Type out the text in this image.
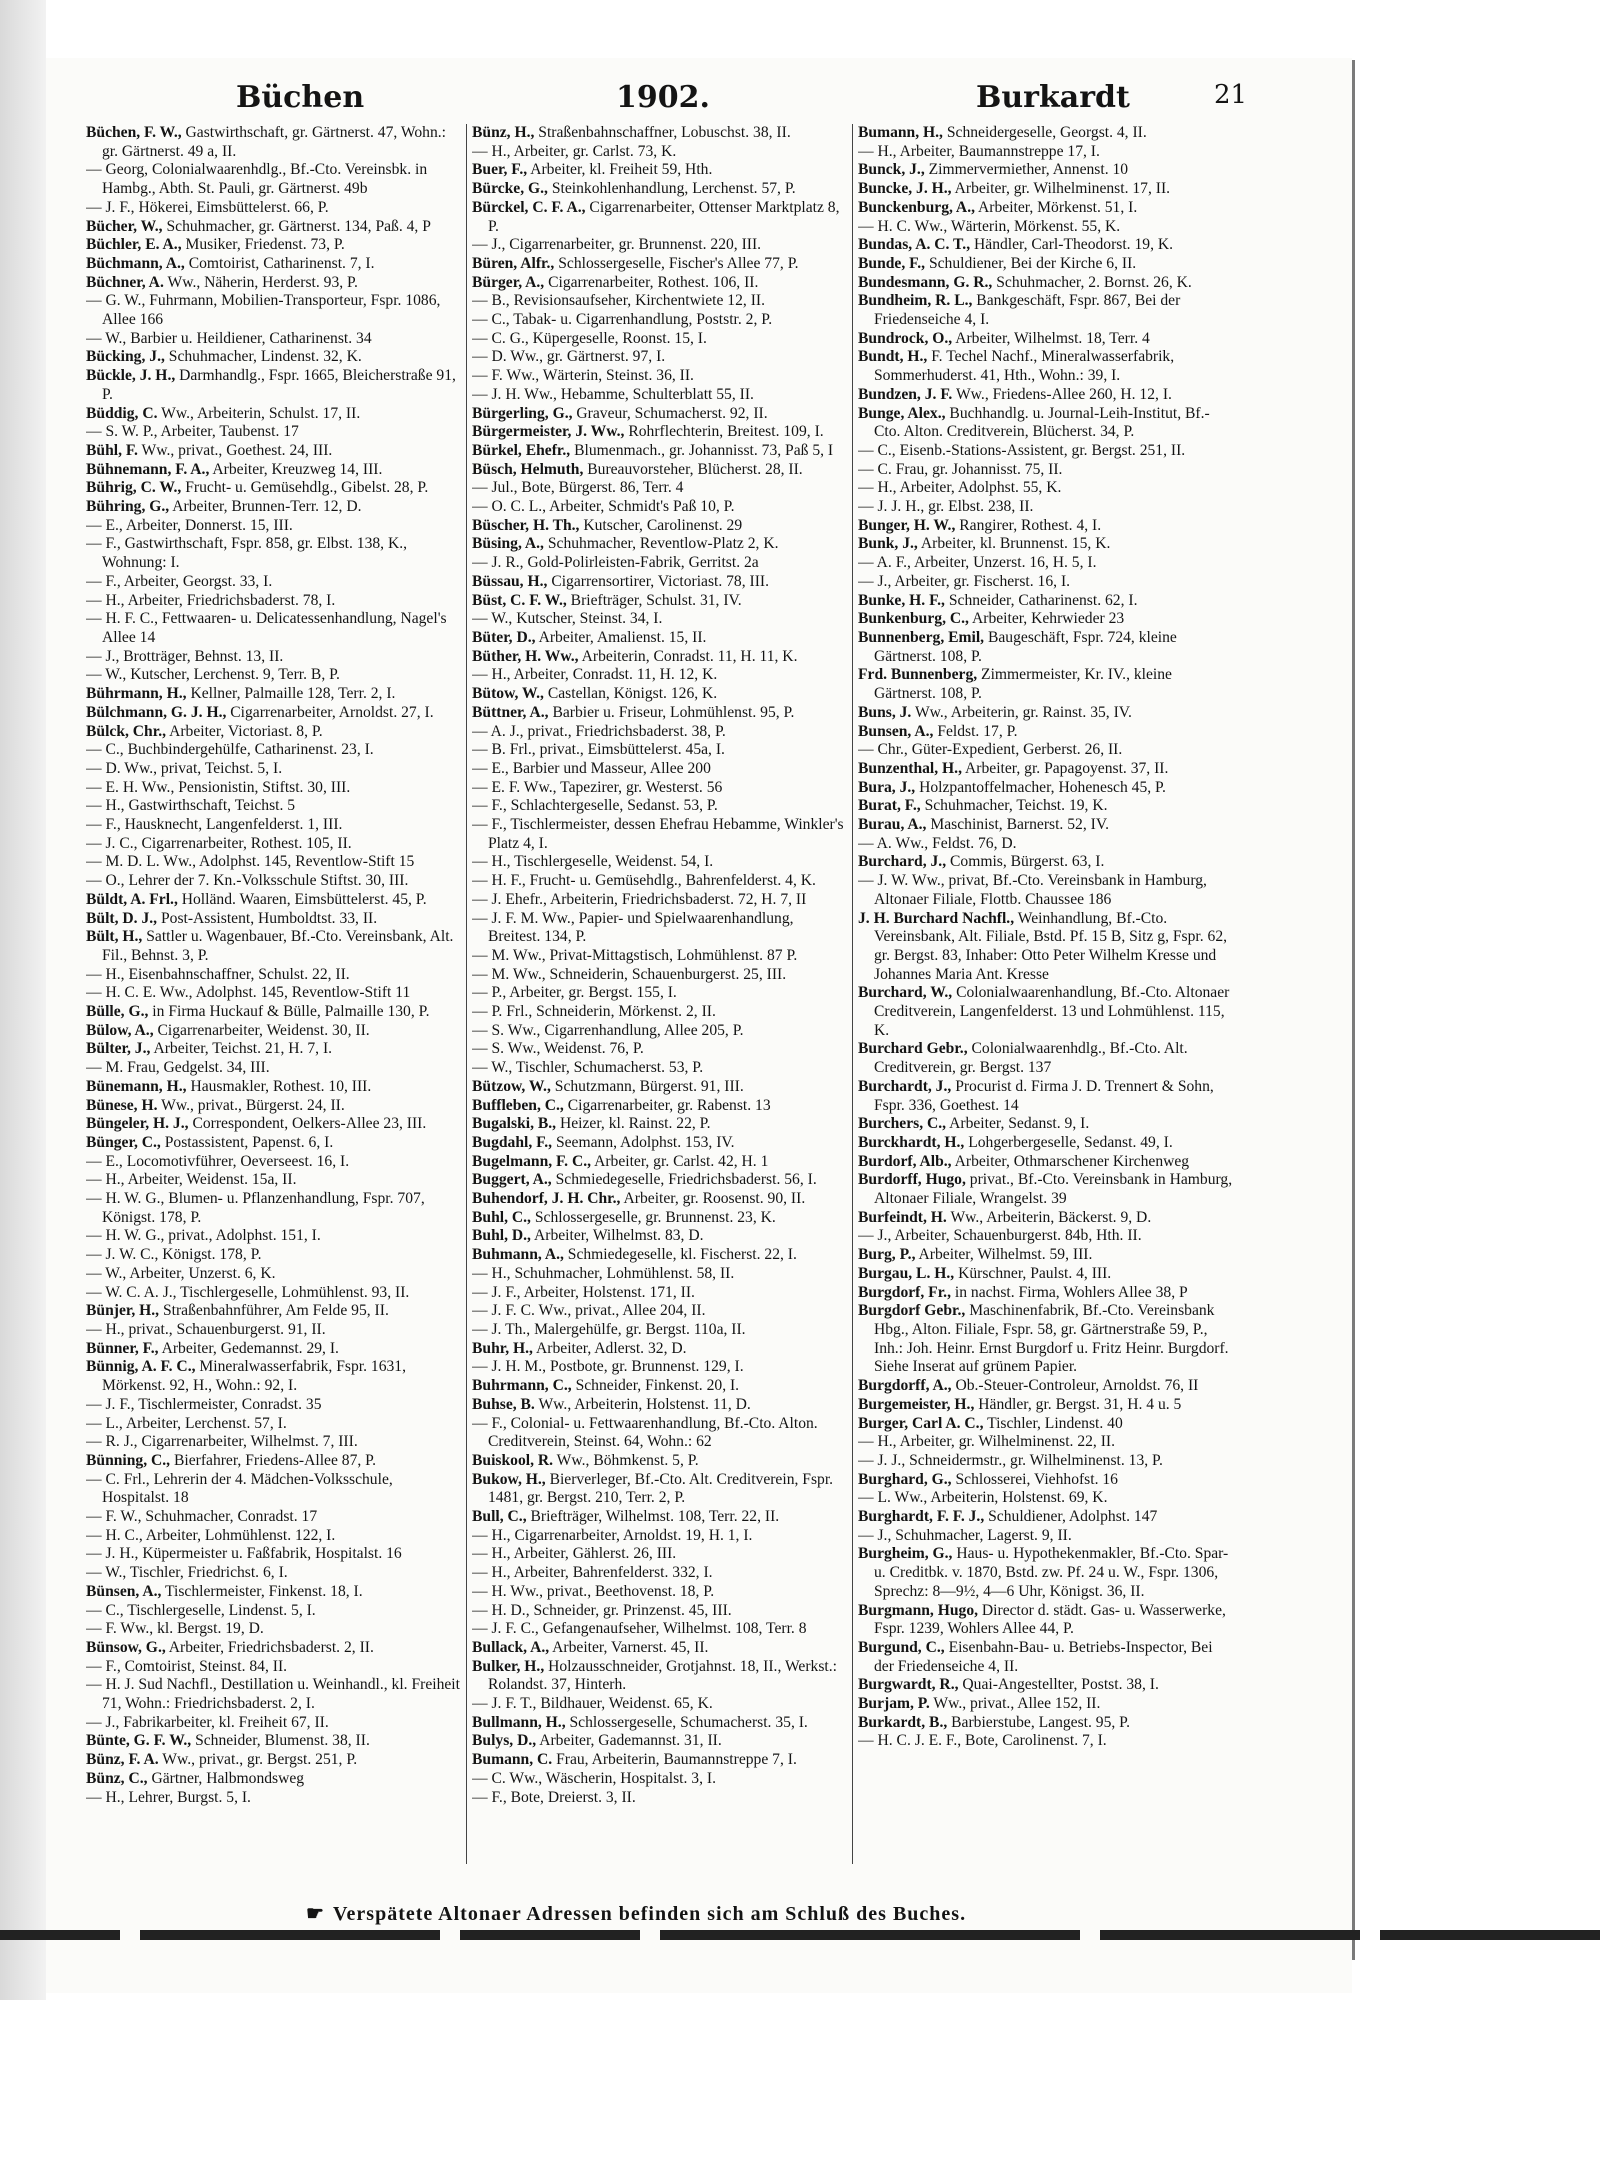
Büchen	1902.	Burkardt	21

Büchen, F. W., Gastwirthschaft, gr. Gärtnerst. 47, Wohn.: gr. Gärtnerst. 49 a, II.

— Georg, Colonialwaarenhdlg., Bf.-Cto. Vereinsbk. in Hambg., Abth. St. Pauli, gr. Gärtnerst. 49b

— J. F., Hökerei, Eimsbüttelerst. 66, P.

Bücher, W., Schuhmacher, gr. Gärtnerst. 134, Paß. 4, P

Büchler, E. A., Musiker, Friedenst. 73, P.

Büchmann, A., Comtoirist, Catharinenst. 7, I.

Büchner, A. Ww., Näherin, Herderst. 93, P.

— G. W., Fuhrmann, Mobilien-Transporteur, Fspr. 1086, Allee 166

— W., Barbier u. Heildiener, Catharinenst. 34

Bücking, J., Schuhmacher, Lindenst. 32, K.

Bückle, J. H., Darmhandlg., Fspr. 1665, Bleicherstraße 91, P.

Büddig, C. Ww., Arbeiterin, Schulst. 17, II.

— S. W. P., Arbeiter, Taubenst. 17

Bühl, F. Ww., privat., Goethest. 24, III.

Bühnemann, F. A., Arbeiter, Kreuzweg 14, III.

Bührig, C. W., Frucht- u. Gemüsehdlg., Gibelst. 28, P.

Bühring, G., Arbeiter, Brunnen-Terr. 12, D.

— E., Arbeiter, Donnerst. 15, III.

— F., Gastwirthschaft, Fspr. 858, gr. Elbst. 138, K., Wohnung: I.

— F., Arbeiter, Georgst. 33, I.

— H., Arbeiter, Friedrichsbaderst. 78, I.

— H. F. C., Fettwaaren- u. Delicatessenhandlung, Nagel's Allee 14

— J., Brotträger, Behnst. 13, II.

— W., Kutscher, Lerchenst. 9, Terr. B, P.

Bührmann, H., Kellner, Palmaille 128, Terr. 2, I.

Bülchmann, G. J. H., Cigarrenarbeiter, Arnoldst. 27, I.

Bülck, Chr., Arbeiter, Victoriast. 8, P.

— C., Buchbindergehülfe, Catharinenst. 23, I.

— D. Ww., privat, Teichst. 5, I.

— E. H. Ww., Pensionistin, Stiftst. 30, III.

— H., Gastwirthschaft, Teichst. 5

— F., Hausknecht, Langenfelderst. 1, III.

— J. C., Cigarrenarbeiter, Rothest. 105, II.

— M. D. L. Ww., Adolphst. 145, Reventlow-Stift 15

— O., Lehrer der 7. Kn.-Volksschule Stiftst. 30, III.

Büldt, A. Frl., Holländ. Waaren, Eimsbüttelerst. 45, P.

Bült, D. J., Post-Assistent, Humboldtst. 33, II.

Bült, H., Sattler u. Wagenbauer, Bf.-Cto. Vereinsbank, Alt. Fil., Behnst. 3, P.

— H., Eisenbahnschaffner, Schulst. 22, II.

— H. C. E. Ww., Adolphst. 145, Reventlow-Stift 11

Bülle, G., in Firma Huckauf & Bülle, Palmaille 130, P.

Bülow, A., Cigarrenarbeiter, Weidenst. 30, II.

Bülter, J., Arbeiter, Teichst. 21, H. 7, I.

— M. Frau, Gedgelst. 34, III.

Bünemann, H., Hausmakler, Rothest. 10, III.

Bünese, H. Ww., privat., Bürgerst. 24, II.

Büngeler, H. J., Correspondent, Oelkers-Allee 23, III.

Bünger, C., Postassistent, Papenst. 6, I.

— E., Locomotivführer, Oeverseest. 16, I.

— H., Arbeiter, Weidenst. 15a, II.

— H. W. G., Blumen- u. Pflanzenhandlung, Fspr. 707, Königst. 178, P.

— H. W. G., privat., Adolphst. 151, I.

— J. W. C., Königst. 178, P.

— W., Arbeiter, Unzerst. 6, K.

— W. C. A. J., Tischlergeselle, Lohmühlenst. 93, II.

Bünjer, H., Straßenbahnführer, Am Felde 95, II.

— H., privat., Schauenburgerst. 91, II.

Bünner, F., Arbeiter, Gedemannst. 29, I.

Bünnig, A. F. C., Mineralwasserfabrik, Fspr. 1631, Mörkenst. 92, H., Wohn.: 92, I.

— J. F., Tischlermeister, Conradst. 35

— L., Arbeiter, Lerchenst. 57, I.

— R. J., Cigarrenarbeiter, Wilhelmst. 7, III.

Bünning, C., Bierfahrer, Friedens-Allee 87, P.

— C. Frl., Lehrerin der 4. Mädchen-Volksschule, Hospitalst. 18

— F. W., Schuhmacher, Conradst. 17

— H. C., Arbeiter, Lohmühlenst. 122, I.

— J. H., Küpermeister u. Faßfabrik, Hospitalst. 16

— W., Tischler, Friedrichst. 6, I.

Bünsen, A., Tischlermeister, Finkenst. 18, I.

— C., Tischlergeselle, Lindenst. 5, I.

— F. Ww., kl. Bergst. 19, D.

Bünsow, G., Arbeiter, Friedrichsbaderst. 2, II.

— F., Comtoirist, Steinst. 84, II.

— H. J. Sud Nachfl., Destillation u. Weinhandl., kl. Freiheit 71, Wohn.: Friedrichsbaderst. 2, I.

— J., Fabrikarbeiter, kl. Freiheit 67, II.

Bünte, G. F. W., Schneider, Blumenst. 38, II.

Bünz, F. A. Ww., privat., gr. Bergst. 251, P.

Bünz, C., Gärtner, Halbmondsweg

— H., Lehrer, Burgst. 5, I.

Bünz, H., Straßenbahnschaffner, Lobuschst. 38, II.

— H., Arbeiter, gr. Carlst. 73, K.

Buer, F., Arbeiter, kl. Freiheit 59, Hth.

Bürcke, G., Steinkohlenhandlung, Lerchenst. 57, P.

Bürckel, C. F. A., Cigarrenarbeiter, Ottenser Marktplatz 8, P.

— J., Cigarrenarbeiter, gr. Brunnenst. 220, III.

Büren, Alfr., Schlossergeselle, Fischer's Allee 77, P.

Bürger, A., Cigarrenarbeiter, Rothest. 106, II.

— B., Revisionsaufseher, Kirchentwiete 12, II.

— C., Tabak- u. Cigarrenhandlung, Poststr. 2, P.

— C. G., Küpergeselle, Roonst. 15, I.

— D. Ww., gr. Gärtnerst. 97, I.

— F. Ww., Wärterin, Steinst. 36, II.

— J. H. Ww., Hebamme, Schulterblatt 55, II.

Bürgerling, G., Graveur, Schumacherst. 92, II.

Bürgermeister, J. Ww., Rohrflechterin, Breitest. 109, I.

Bürkel, Ehefr., Blumenmach., gr. Johannisst. 73, Paß 5, I

Büsch, Helmuth, Bureauvorsteher, Blücherst. 28, II.

— Jul., Bote, Bürgerst. 86, Terr. 4

— O. C. L., Arbeiter, Schmidt's Paß 10, P.

Büscher, H. Th., Kutscher, Carolinenst. 29

Büsing, A., Schuhmacher, Reventlow-Platz 2, K.

— J. R., Gold-Polirleisten-Fabrik, Gerritst. 2a

Büssau, H., Cigarrensortirer, Victoriast. 78, III.

Büst, C. F. W., Briefträger, Schulst. 31, IV.

— W., Kutscher, Steinst. 34, I.

Büter, D., Arbeiter, Amalienst. 15, II.

Büther, H. Ww., Arbeiterin, Conradst. 11, H. 11, K.

— H., Arbeiter, Conradst. 11, H. 12, K.

Bütow, W., Castellan, Königst. 126, K.

Büttner, A., Barbier u. Friseur, Lohmühlenst. 95, P.

— A. J., privat., Friedrichsbaderst. 38, P.

— B. Frl., privat., Eimsbüttelerst. 45a, I.

— E., Barbier und Masseur, Allee 200

— E. F. Ww., Tapezirer, gr. Westerst. 56

— F., Schlachtergeselle, Sedanst. 53, P.

— F., Tischlermeister, dessen Ehefrau Hebamme, Winkler's Platz 4, I.

— H., Tischlergeselle, Weidenst. 54, I.

— H. F., Frucht- u. Gemüsehdlg., Bahrenfelderst. 4, K.

— J. Ehefr., Arbeiterin, Friedrichsbaderst. 72, H. 7, II

— J. F. M. Ww., Papier- und Spielwaarenhandlung, Breitest. 134, P.

— M. Ww., Privat-Mittagstisch, Lohmühlenst. 87 P.

— M. Ww., Schneiderin, Schauenburgerst. 25, III.

— P., Arbeiter, gr. Bergst. 155, I.

— P. Frl., Schneiderin, Mörkenst. 2, II.

— S. Ww., Cigarrenhandlung, Allee 205, P.

— S. Ww., Weidenst. 76, P.

— W., Tischler, Schumacherst. 53, P.

Bützow, W., Schutzmann, Bürgerst. 91, III.

Buffleben, C., Cigarrenarbeiter, gr. Rabenst. 13

Bugalski, B., Heizer, kl. Rainst. 22, P.

Bugdahl, F., Seemann, Adolphst. 153, IV.

Bugelmann, F. C., Arbeiter, gr. Carlst. 42, H. 1

Buggert, A., Schmiedegeselle, Friedrichsbaderst. 56, I.

Buhendorf, J. H. Chr., Arbeiter, gr. Roosenst. 90, II.

Buhl, C., Schlossergeselle, gr. Brunnenst. 23, K.

Buhl, D., Arbeiter, Wilhelmst. 83, D.

Buhmann, A., Schmiedegeselle, kl. Fischerst. 22, I.

— H., Schuhmacher, Lohmühlenst. 58, II.

— J. F., Arbeiter, Holstenst. 171, II.

— J. F. C. Ww., privat., Allee 204, II.

— J. Th., Malergehülfe, gr. Bergst. 110a, II.

Buhr, H., Arbeiter, Adlerst. 32, D.

— J. H. M., Postbote, gr. Brunnenst. 129, I.

Buhrmann, C., Schneider, Finkenst. 20, I.

Buhse, B. Ww., Arbeiterin, Holstenst. 11, D.

— F., Colonial- u. Fettwaarenhandlung, Bf.-Cto. Alton. Creditverein, Steinst. 64, Wohn.: 62

Buiskool, R. Ww., Böhmkenst. 5, P.

Bukow, H., Bierverleger, Bf.-Cto. Alt. Creditverein, Fspr. 1481, gr. Bergst. 210, Terr. 2, P.

Bull, C., Briefträger, Wilhelmst. 108, Terr. 22, II.

— H., Cigarrenarbeiter, Arnoldst. 19, H. 1, I.

— H., Arbeiter, Gählerst. 26, III.

— H., Arbeiter, Bahrenfelderst. 332, I.

— H. Ww., privat., Beethovenst. 18, P.

— H. D., Schneider, gr. Prinzenst. 45, III.

— J. F. C., Gefangenaufseher, Wilhelmst. 108, Terr. 8

Bullack, A., Arbeiter, Varnerst. 45, II.

Bulker, H., Holzausschneider, Grotjahnst. 18, II., Werkst.: Rolandst. 37, Hinterh.

— J. F. T., Bildhauer, Weidenst. 65, K.

Bullmann, H., Schlossergeselle, Schumacherst. 35, I.

Bulys, D., Arbeiter, Gademannst. 31, II.

Bumann, C. Frau, Arbeiterin, Baumannstreppe 7, I.

— C. Ww., Wäscherin, Hospitalst. 3, I.

— F., Bote, Dreierst. 3, II.

Bumann, H., Schneidergeselle, Georgst. 4, II.

— H., Arbeiter, Baumannstreppe 17, I.

Bunck, J., Zimmervermiether, Annenst. 10

Buncke, J. H., Arbeiter, gr. Wilhelminenst. 17, II.

Bunckenburg, A., Arbeiter, Mörkenst. 51, I.

— H. C. Ww., Wärterin, Mörkenst. 55, K.

Bundas, A. C. T., Händler, Carl-Theodorst. 19, K.

Bunde, F., Schuldiener, Bei der Kirche 6, II.

Bundesmann, G. R., Schuhmacher, 2. Bornst. 26, K.

Bundheim, R. L., Bankgeschäft, Fspr. 867, Bei der Friedenseiche 4, I.

Bundrock, O., Arbeiter, Wilhelmst. 18, Terr. 4

Bundt, H., F. Techel Nachf., Mineralwasserfabrik, Sommerhuderst. 41, Hth., Wohn.: 39, I.

Bundzen, J. F. Ww., Friedens-Allee 260, H. 12, I.

Bunge, Alex., Buchhandlg. u. Journal-Leih-Institut, Bf.-Cto. Alton. Creditverein, Blücherst. 34, P.

— C., Eisenb.-Stations-Assistent, gr. Bergst. 251, II.

— C. Frau, gr. Johannisst. 75, II.

— H., Arbeiter, Adolphst. 55, K.

— J. J. H., gr. Elbst. 238, II.

Bunger, H. W., Rangirer, Rothest. 4, I.

Bunk, J., Arbeiter, kl. Brunnenst. 15, K.

— A. F., Arbeiter, Unzerst. 16, H. 5, I.

— J., Arbeiter, gr. Fischerst. 16, I.

Bunke, H. F., Schneider, Catharinenst. 62, I.

Bunkenburg, C., Arbeiter, Kehrwieder 23

Bunnenberg, Emil, Baugeschäft, Fspr. 724, kleine Gärtnerst. 108, P.

Frd. Bunnenberg, Zimmermeister, Kr. IV., kleine Gärtnerst. 108, P.

Buns, J. Ww., Arbeiterin, gr. Rainst. 35, IV.

Bunsen, A., Feldst. 17, P.

— Chr., Güter-Expedient, Gerberst. 26, II.

Bunzenthal, H., Arbeiter, gr. Papagoyenst. 37, II.

Bura, J., Holzpantoffelmacher, Hohenesch 45, P.

Burat, F., Schuhmacher, Teichst. 19, K.

Burau, A., Maschinist, Barnerst. 52, IV.

— A. Ww., Feldst. 76, D.

Burchard, J., Commis, Bürgerst. 63, I.

— J. W. Ww., privat, Bf.-Cto. Vereinsbank in Hamburg, Altonaer Filiale, Flottb. Chaussee 186

J. H. Burchard Nachfl., Weinhandlung, Bf.-Cto. Vereinsbank, Alt. Filiale, Bstd. Pf. 15 B, Sitz g, Fspr. 62, gr. Bergst. 83, Inhaber: Otto Peter Wilhelm Kresse und Johannes Maria Ant. Kresse

Burchard, W., Colonialwaarenhandlung, Bf.-Cto. Altonaer Creditverein, Langenfelderst. 13 und Lohmühlenst. 115, K.

Burchard Gebr., Colonialwaarenhdlg., Bf.-Cto. Alt. Creditverein, gr. Bergst. 137

Burchardt, J., Procurist d. Firma J. D. Trennert & Sohn, Fspr. 336, Goethest. 14

Burchers, C., Arbeiter, Sedanst. 9, I.

Burckhardt, H., Lohgerbergeselle, Sedanst. 49, I.

Burdorf, Alb., Arbeiter, Othmarschener Kirchenweg

Burdorff, Hugo, privat., Bf.-Cto. Vereinsbank in Hamburg, Altonaer Filiale, Wrangelst. 39

Burfeindt, H. Ww., Arbeiterin, Bäckerst. 9, D.

— J., Arbeiter, Schauenburgerst. 84b, Hth. II.

Burg, P., Arbeiter, Wilhelmst. 59, III.

Burgau, L. H., Kürschner, Paulst. 4, III.

Burgdorf, Fr., in nachst. Firma, Wohlers Allee 38, P

Burgdorf Gebr., Maschinenfabrik, Bf.-Cto. Vereinsbank Hbg., Alton. Filiale, Fspr. 58, gr. Gärtnerstraße 59, P., Inh.: Joh. Heinr. Ernst Burgdorf u. Fritz Heinr. Burgdorf. Siehe Inserat auf grünem Papier.

Burgdorff, A., Ob.-Steuer-Controleur, Arnoldst. 76, II

Burgemeister, H., Händler, gr. Bergst. 31, H. 4 u. 5

Burger, Carl A. C., Tischler, Lindenst. 40

— H., Arbeiter, gr. Wilhelminenst. 22, II.

— J. J., Schneidermstr., gr. Wilhelminenst. 13, P.

Burghard, G., Schlosserei, Viehhofst. 16

— L. Ww., Arbeiterin, Holstenst. 69, K.

Burghardt, F. F. J., Schuldiener, Adolphst. 147

— J., Schuhmacher, Lagerst. 9, II.

Burgheim, G., Haus- u. Hypothekenmakler, Bf.-Cto. Spar- u. Creditbk. v. 1870, Bstd. zw. Pf. 24 u. W., Fspr. 1306, Sprechz: 8—9½, 4—6 Uhr, Königst. 36, II.

Burgmann, Hugo, Director d. städt. Gas- u. Wasserwerke, Fspr. 1239, Wohlers Allee 44, P.

Burgund, C., Eisenbahn-Bau- u. Betriebs-Inspector, Bei der Friedenseiche 4, II.

Burgwardt, R., Quai-Angestellter, Postst. 38, I.

Burjam, P. Ww., privat., Allee 152, II.

Burkardt, B., Barbierstube, Langest. 95, P.

— H. C. J. E. F., Bote, Carolinenst. 7, I.

☛ Verspätete Altonaer Adressen befinden sich am Schluß des Buches.
